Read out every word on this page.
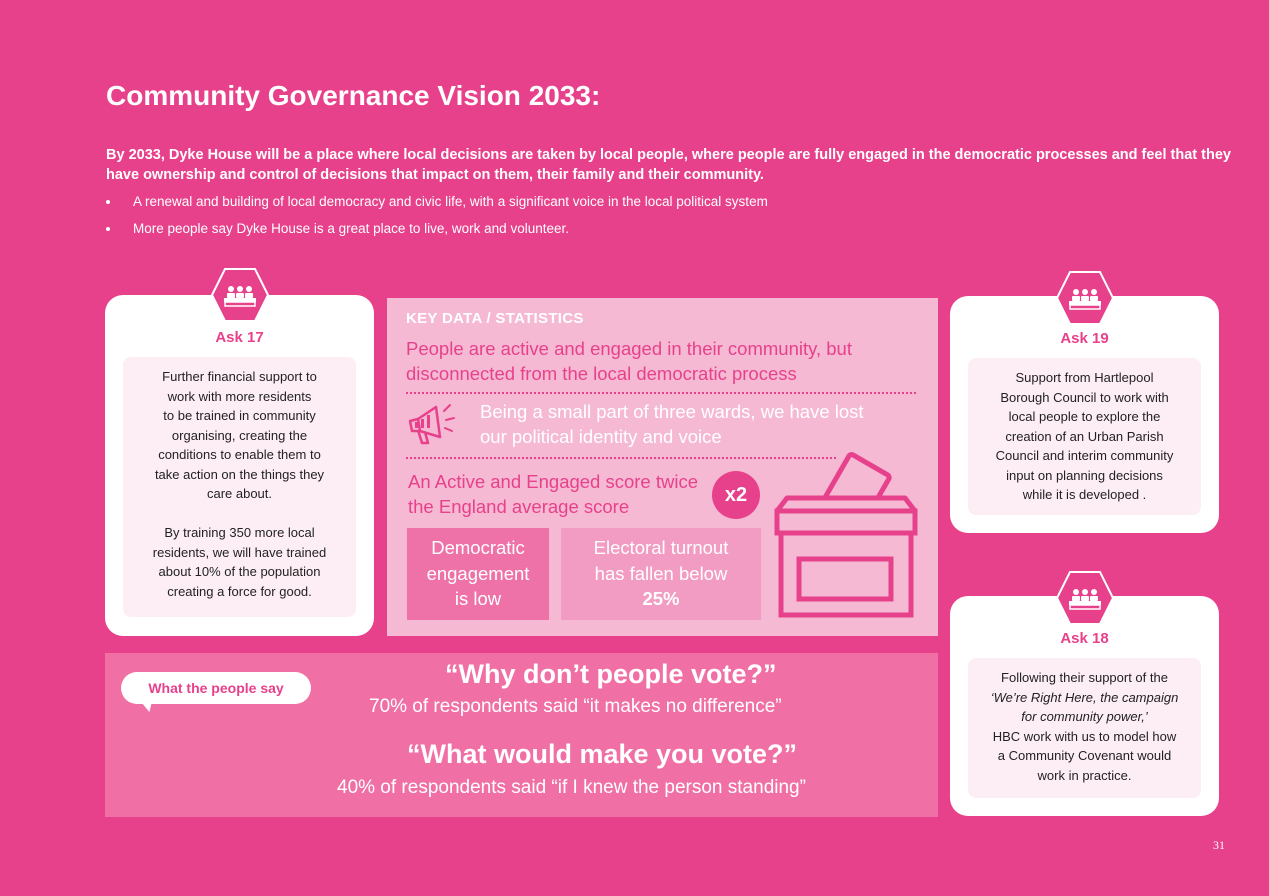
Community Governance Vision 2033:
By 2033, Dyke House will be a place where local decisions are taken by local people, where people are fully engaged in the democratic processes and feel that they have ownership and control of decisions that impact on them, their family and their community.
A renewal and building of local democracy and civic life, with a significant voice in the local political system
More people say Dyke House is a great place to live, work and volunteer.
Ask 17

Further financial support to

work with more residents

to be trained in community

organising, creating the

conditions to enable them to

take action on the things they

care about.

By training 350 more local

residents, we will have trained

about 10% of the population

creating a force for good.

KEY DATA / STATISTICS
People are active and engaged in their community, but disconnected from the local democratic process
Being a small part of three wards, we have lost our political identity and voice
An Active and Engaged score twice the England average score
x2
Democratic
engagement
is low
Electoral turnout
has fallen below
25%
Ask 19

Support from Hartlepool

Borough Council to work with

local people to explore the

creation of an Urban Parish

Council and interim community

input on planning decisions

while it is developed .

Ask 18

Following their support of the

‘We’re Right Here, the campaign

for community power,’

HBC work with us to model how

a Community Covenant would

work in practice.

What the people say	“Why don’t people vote?”
70% of respondents said “it makes no difference”
“What would make you vote?”
40% of respondents said “if I knew the person standing”
31
